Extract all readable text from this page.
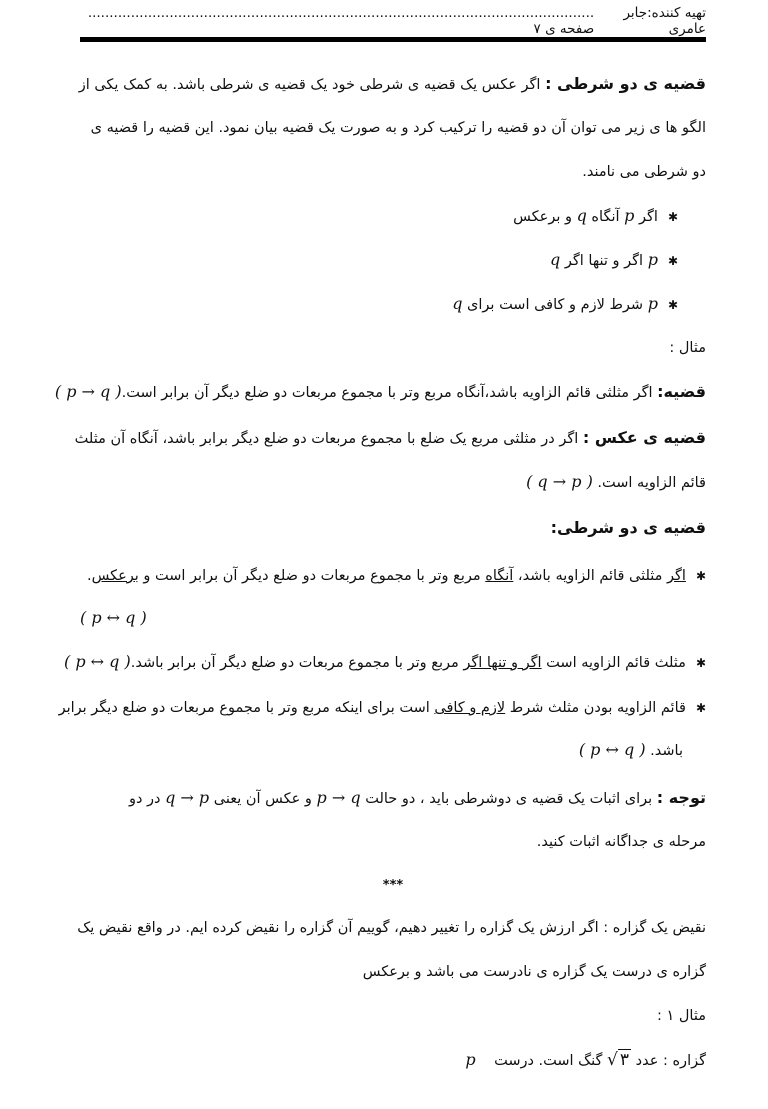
تهیه کننده:جابر عامری
...................................................................................................................... صفحه ی ۷
قضیه ی دو شرطی : اگر عکس یک قضیه ی شرطی خود یک قضیه ی شرطی باشد. به کمک یکی از
الگو ها ی زیر می توان آن دو قضیه را ترکیب کرد و به صورت یک قضیه بیان نمود. این قضیه را قضیه ی
دو شرطی می نامند.
✱اگر p آنگاه q و برعکس
✱p اگر و تنها اگر q
✱p شرط لازم و کافی است برای q
مثال :
قضیه: اگر مثلثی قائم الزاویه باشد،آنگاه مربع وتر با مجموع مربعات دو ضلع دیگر آن برابر است.( p → q )
قضیه ی عکس : اگر در مثلثی مربع یک ضلع با مجموع مربعات دو ضلع دیگر برابر باشد، آنگاه آن مثلث
قائم الزاویه است. ( q → p )
قضیه ی دو شرطی:
✱اگر مثلثی قائم الزاویه باشد، آنگاه مربع وتر با مجموع مربعات دو ضلع دیگر آن برابر است و برعکس.
( p ↔ q )
✱مثلث قائم الزاویه است اگر و تنها اگر مربع وتر با مجموع مربعات دو ضلع دیگر آن برابر باشد.( p ↔ q )
✱قائم الزاویه بودن مثلث شرط لازم و کافی است برای اینکه مربع وتر با مجموع مربعات دو ضلع دیگر برابر
باشد. ( p ↔ q )
توجه : برای اثبات یک قضیه ی دوشرطی باید ، دو حالت p → q و عکس آن یعنی q → p در دو
مرحله ی جداگانه اثبات کنید.
***
نقیض یک گزاره : اگر ارزش یک گزاره را تغییر دهیم، گوییم آن گزاره را نقیض کرده ایم. در واقع نقیض یک
گزاره ی درست یک گزاره ی نادرست می باشد و برعکس
مثال ۱ :
گزاره : عدد √ ۳ گنگ است. درست    p
